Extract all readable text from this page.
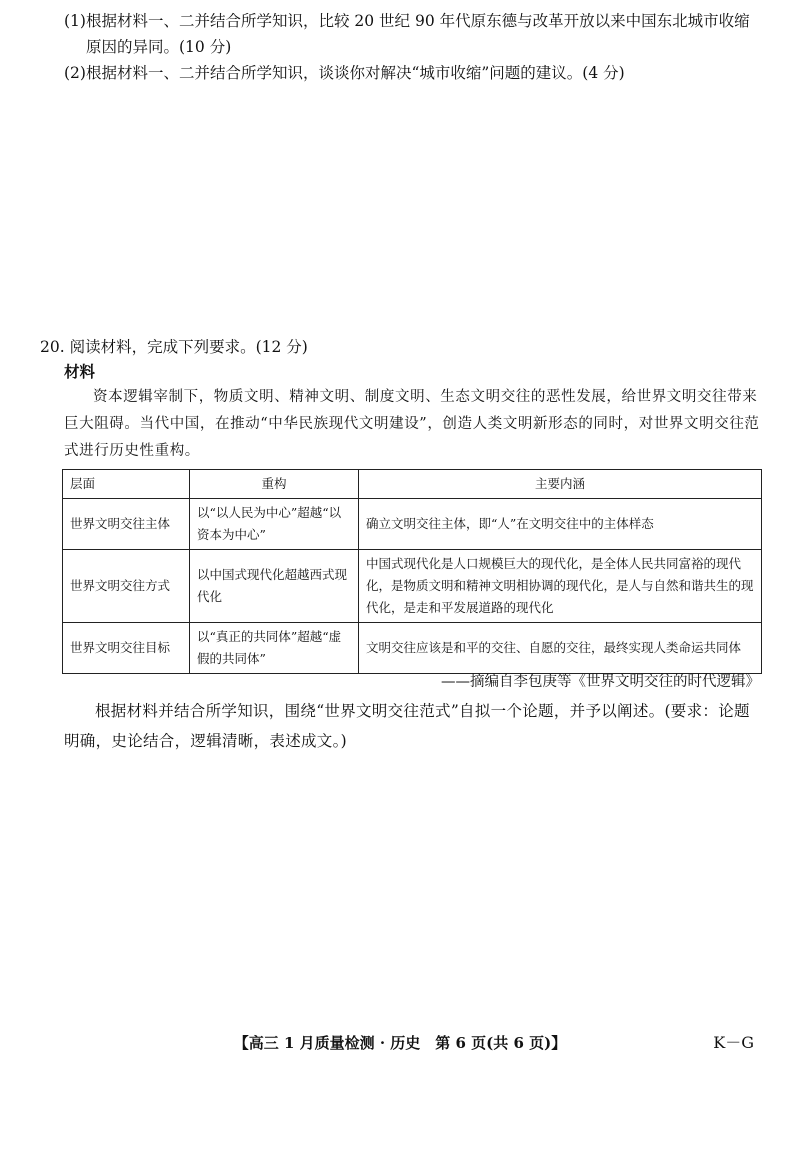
(1)根据材料一、二并结合所学知识，比较 20 世纪 90 年代原东德与改革开放以来中国东北城市收缩
原因的异同。(10 分)
(2)根据材料一、二并结合所学知识，谈谈你对解决“城市收缩”问题的建议。(4 分)
20. 阅读材料，完成下列要求。(12 分)
材料
资本逻辑宰制下，物质文明、精神文明、制度文明、生态文明交往的恶性发展，给世界文明交往带来巨大阻碍。当代中国，在推动“中华民族现代文明建设”，创造人类文明新形态的同时，对世界文明交往范式进行历史性重构。
层面	重构	主要内涵
世界文明交往主体	以“以人民为中心”超越“以资本为中心”	确立文明交往主体，即“人”在文明交往中的主体样态
世界文明交往方式	以中国式现代化超越西式现代化	中国式现代化是人口规模巨大的现代化，是全体人民共同富裕的现代化，是物质文明和精神文明相协调的现代化，是人与自然和谐共生的现代化，是走和平发展道路的现代化
世界文明交往目标	以“真正的共同体”超越“虚假的共同体”	文明交往应该是和平的交往、自愿的交往，最终实现人类命运共同体
——摘编自李包庚等《世界文明交往的时代逻辑》
根据材料并结合所学知识，围绕“世界文明交往范式”自拟一个论题，并予以阐述。(要求：论题明确，史论结合，逻辑清晰，表述成文。)
【高三 1 月质量检测 · 历史　第 6 页(共 6 页)】	K－G
